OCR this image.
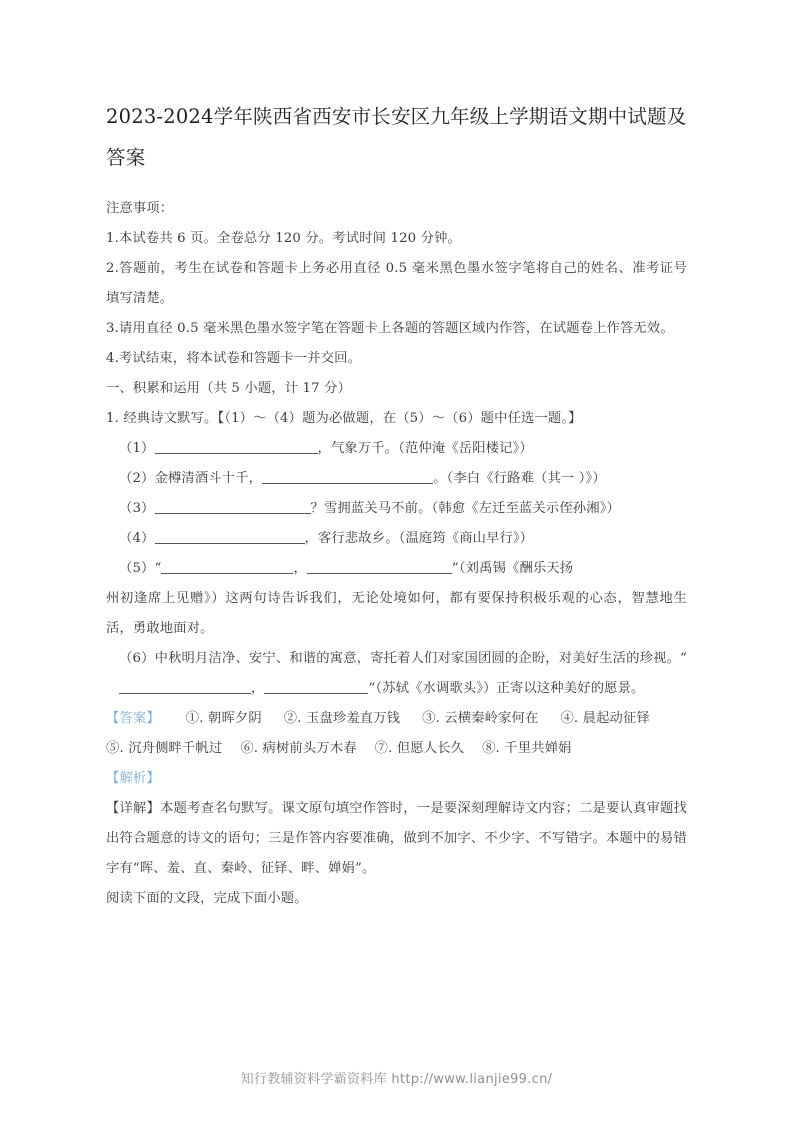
2023-2024学年陕西省西安市长安区九年级上学期语文期中试题及答案

注意事项：

1.本试卷共 6 页。全卷总分 120 分。考试时间 120 分钟。

2.答题前，考生在试卷和答题卡上务必用直径 0.5 毫米黑色墨水签字笔将自己的姓名、准考证号填写清楚。

3.请用直径 0.5 毫米黑色墨水签字笔在答题卡上各题的答题区域内作答，在试题卷上作答无效。

4.考试结束，将本试卷和答题卡一并交回。

一、积累和运用（共 5 小题，计 17 分）

1. 经典诗文默写。【（1）～（4）题为必做题，在（5）～（6）题中任选一题。】

（1）	，气象万千。（范仲淹《岳阳楼记》）

（2）金樽清酒斗十千，	。（李白《行路难（其一 ）》）

（3）	？雪拥蓝关马不前。（韩愈《左迁至蓝关示侄孙湘》）

（4）	，客行悲故乡。（温庭筠《商山早行》）

（5）“	，	”（刘禹锡《酬乐天扬

州初逢席上见赠》）这两句诗告诉我们，无论处境如何，都有要保持积极乐观的心态，智慧地生活，勇敢地面对。

（6）中秋明月洁净、安宁、和谐的寓意，寄托着人们对家国团圆的企盼，对美好生活的珍视。“，	”（苏轼《水调歌头》）正寄以这种美好的愿景。

【答案】 ①. 朝晖夕阴 ②. 玉盘珍羞直万钱 ③. 云横秦岭家何在 ④. 晨起动征铎⑤. 沉舟侧畔千帆过 ⑥. 病树前头万木春 ⑦. 但愿人长久 ⑧. 千里共婵娟

【解析】

【详解】本题考查名句默写。课文原句填空作答时，一是要深刻理解诗文内容；二是要认真审题找出符合题意的诗文的语句；三是作答内容要准确，做到不加字、不少字、不写错字。本题中的易错字有“晖、羞、直、秦岭、征铎、畔、婵娟”。

阅读下面的文段，完成下面小题。

知行教辅资料学霸资料库 http://www.lianjie99.cn/
